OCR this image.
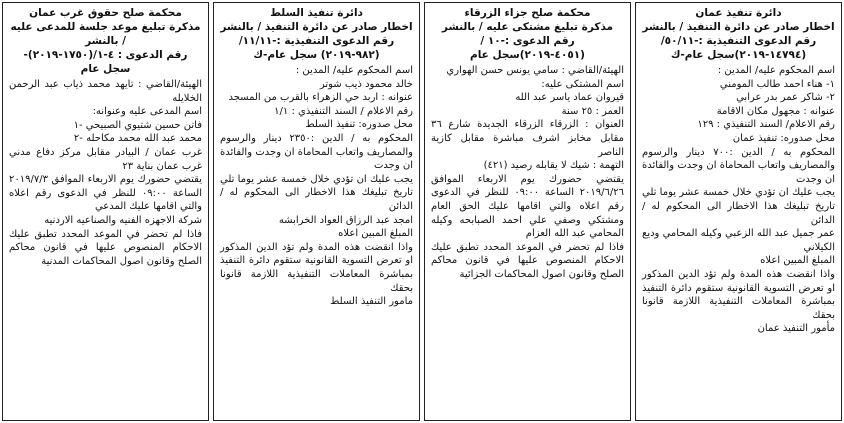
دائرة تنفيذ عمان

اخطار صادر عن دائرة التنفيذ / بالنشر

رقم الدعوى التنفيذية :-٥٠/١١/

(١٤٧٩٤-٢٠١٩)سجل عام-ك

اسم المحكوم عليه/ المدين :

١- هناء احمد طالب المومني

٢- شاكر عمر بدر عرابي

عنوانه : مجهول مكان الاقامة

رقم الاعلام/ السند التنفيذي : ١٢٩

محل صدوره: تنفيذ عمان

المحكوم به / الدين :٧٠٠ دينار والرسوم والمصاريف واتعاب المحاماة ان وجدت والفائدة ان وجدت

يجب عليك ان تؤدي خلال خمسة عشر يوما تلي تاريخ تبليغك هذا الاخطار الى المحكوم له / الدائن

عمر جميل عبد الله الزعبي وكيله المحامي وديع الكيلاني

المبلغ المبين اعلاه

واذا انقضت هذه المدة ولم تؤد الدين المذكور او تعرض التسوية القانونية ستقوم دائرة التنفيذ بمباشرة المعاملات التنفيذية اللازمة قانونا بحقك

مأمور التنفيذ عمان

محكمة صلح جزاء الزرقاء

مذكرة تبليغ مشتكى عليه / بالنشر

رقم الدعوى :-١٠ /

(٤٠٥١-٢٠١٩)سجل عام

الهيئة/القاضي : سامي يونس حسن الهواري

اسم المشتكى عليه:

قيروان عماد ياسر عبد الله

العمر : ٢٥ سنة

العنوان : الزرقاء الزرقاء الجديدة شارع ٣٦ مقابل مخابز اشرف مباشرة مقابل كازية الناصر

التهمة : شيك لا يقابله رصيد (٤٢١)

يقتضي حضورك يوم الاربعاء الموافق ٢٠١٩/٦/٢٦ الساعة ٠٩:٠٠ للنظر في الدعوى رقم اعلاه والتي اقامها عليك الحق العام ومشتكي وصفي علي احمد الصبابحه وكيله المحامي عبد الله العزام

فاذا لم تحضر في الموعد المحدد تطبق عليك الاحكام المنصوص عليها في قانون محاكم الصلح وقانون اصول المحاكمات الجزائية

دائرة تنفيذ السلط

اخطار صادر عن دائرة التنفيذ / بالنشر

رقم الدعوى التنفيذية :-١١/١١/

(٩٨٢-٢٠١٩) سجل عام-ك

اسم المحكوم عليه/ المدين :

خالد محمود ذيب شوتر

عنوانه : اربد حي الزهراء بالقرب من المسجد

رقم الاعلام / السند التنفيذي : ١/١

محل صدوره: تنفيذ السلط

المحكوم به / الدين :٢٣٥٠ دينار والرسوم والمصاريف واتعاب المحاماة ان وجدت والفائدة ان وجدت

يجب عليك ان تؤدي خلال خمسة عشر يوما تلي تاريخ تبليغك هذا الاخطار الى المحكوم له / الدائن

امجد عبد الرزاق العواد الخرابشه

المبلغ المبين اعلاه

واذا انقضت هذه المدة ولم تؤد الدين المذكور او تعرض التسوية القانونية ستقوم دائرة التنفيذ بمباشرة المعاملات التنفيذية اللازمة قانونا بحقك

مامور التنفيذ السلط

محكمة صلح حقوق غرب عمان

مذكرة تبليغ موعد جلسة للمدعى عليه / بالنشر

رقم الدعوى : ٤-١/(١٧٥٠-٢٠١٩)-

سجل عام

الهيئة/القاضي : تايهد محمد ذياب عبد الرحمن الخلايله

اسم المدعى عليه وعنوانه:

فاتن حسين شتيوي الصبيحي -١

محمد عبد الله محمد مكاحله -٢

غرب عمان / البيادر مقابل مركز دفاع مدني غرب عمان بناية ٢٣

يقتضي حضورك يوم الاربعاء الموافق ٢٠١٩/٧/٣ الساعة ٠٩:٠٠ للنظر في الدعوى رقم اعلاه والتي اقامها عليك المدعي

شركة الاجهزه الفنيه والصناعيه الاردنيه

فاذا لم تحضر في الموعد المحدد تطبق عليك الاحكام المنصوص عليها في قانون محاكم الصلح وقانون اصول المحاكمات المدنية
